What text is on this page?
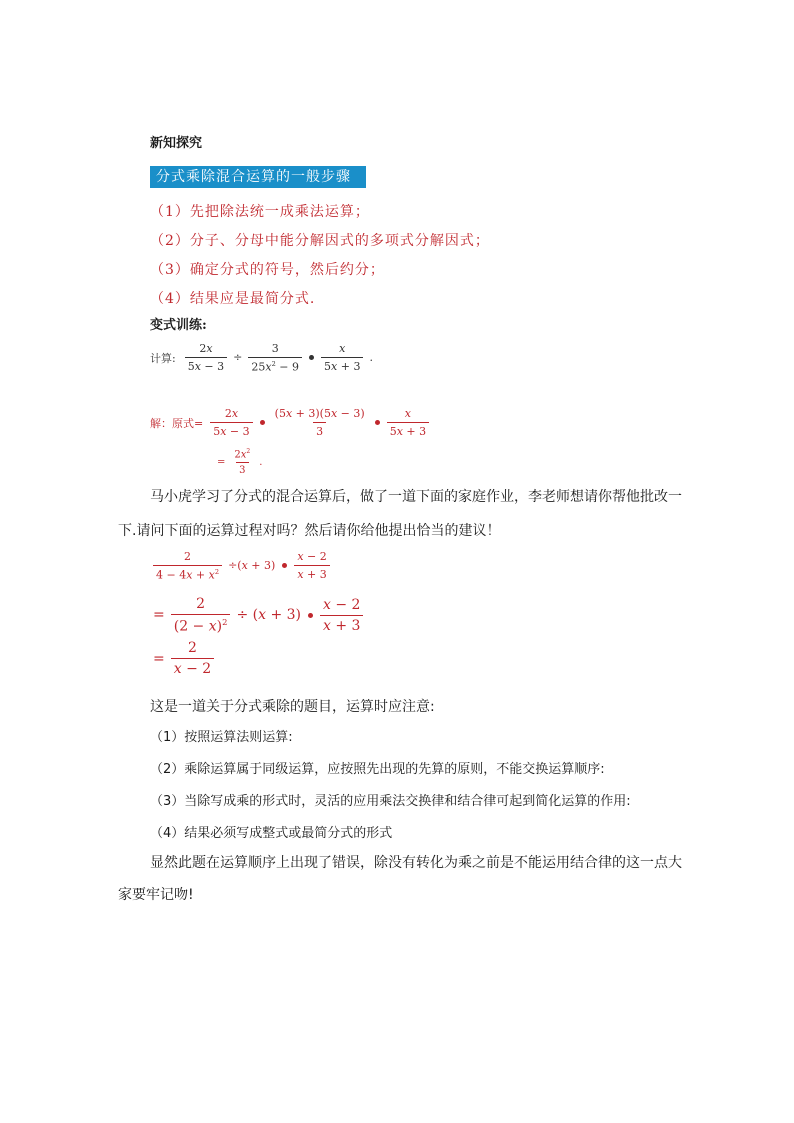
新知探究
分式乘除混合运算的一般步骤
（1）先把除法统一成乘法运算；
（2）分子、分母中能分解因式的多项式分解因式；
（3）确定分式的符号，然后约分；
（4）结果应是最简分式.
变式训练:
计算: $\frac{2x}{5x - 3} \div \frac{3}{25x^2 - 9} \frac{x}{5x + 3}$ .
解：原式= $\frac{2x}{5x - 3} \frac{(5x + 3)(5x - 3)}{3} \frac{x}{5x + 3}$
= $\frac{2x^2}{3}$ .
马小虎学习了分式的混合运算后，做了一道下面的家庭作业，李老师想请你帮他批改一
下.请问下面的运算过程对吗？然后请你给他提出恰当的建议！
$\frac{2}{4 - 4x + x^2} \div(x + 3) \frac{x - 2}{x + 3}$
= $\frac{2}{(2 - x)^2} \div (x + 3) \frac{x - 2}{x + 3}$
= $\frac{2}{x - 2}$
这是一道关于分式乘除的题目，运算时应注意:
（1）按照运算法则运算:
（2）乘除运算属于同级运算，应按照先出现的先算的原则，不能交换运算顺序:
（3）当除写成乘的形式时，灵活的应用乘法交换律和结合律可起到简化运算的作用:
（4）结果必须写成整式或最简分式的形式
显然此题在运算顺序上出现了错误，除没有转化为乘之前是不能运用结合律的这一点大
家要牢记吻!
